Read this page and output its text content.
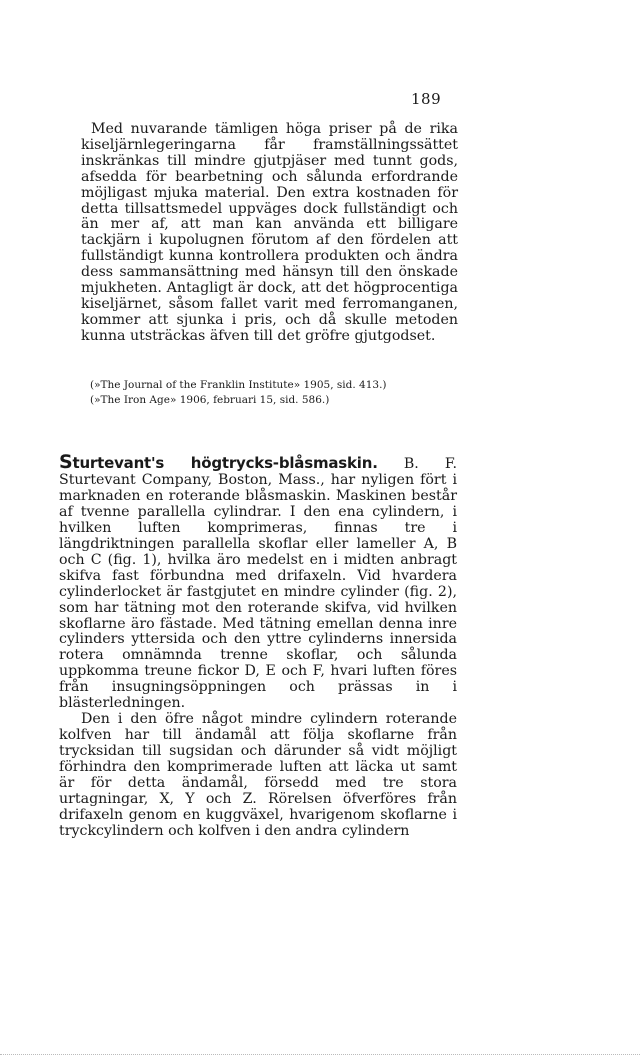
189

Med nuvarande tämligen höga priser på de rika kiseljärnlegeringarna får framställningssättet inskränkas till mindre gjutpjäser med tunnt gods, afsedda för bearbetning och sålunda erfordrande möjligast mjuka material. Den extra kostnaden för detta tillsattsmedel uppväges dock fullständigt och än mer af, att man kan använda ett billigare tackjärn i kupolugnen förutom af den fördelen att fullständigt kunna kontrollera produkten och ändra dess sammansättning med hänsyn till den önskade mjukheten. Antagligt är dock, att det högprocentiga kiseljärnet, såsom fallet varit med ferromanganen, kommer att sjunka i pris, och då skulle metoden kunna utsträckas äfven till det gröfre gjutgodset.

(»The Journal of the Franklin Institute» 1905, sid. 413.)
(»The Iron Age» 1906, februari 15, sid. 586.)

Sturtevant's högtrycks-blåsmaskin. B. F. Sturtevant Company, Boston, Mass., har nyligen fört i marknaden en roterande blåsmaskin. Maskinen består af tvenne parallella cylindrar. I den ena cylindern, i hvilken luften komprimeras, finnas tre i längdriktningen parallella skoflar eller lameller A, B och C (fig. 1), hvilka äro medelst en i midten anbragt skifva fast förbundna med drifaxeln. Vid hvardera cylinderlocket är fastgjutet en mindre cylinder (fig. 2), som har tätning mot den roterande skifva, vid hvilken skoflarne äro fästade. Med tätning emellan denna inre cylinders yttersida och den yttre cylinderns innersida rotera omnämnda trenne skoflar, och sålunda uppkomma treune fickor D, E och F, hvari luften föres från insugningsöppningen och prässas in i blästerledningen.

Den i den öfre något mindre cylindern roterande kolfven har till ändamål att följa skoflarne från trycksidan till sugsidan och därunder så vidt möjligt förhindra den komprimerade luften att läcka ut samt är för detta ändamål, försedd med tre stora urtagningar, X, Y och Z. Rörelsen öfverföres från drifaxeln genom en kuggväxel, hvarigenom skoflarne i tryckcylindern och kolfven i den andra cylindern
